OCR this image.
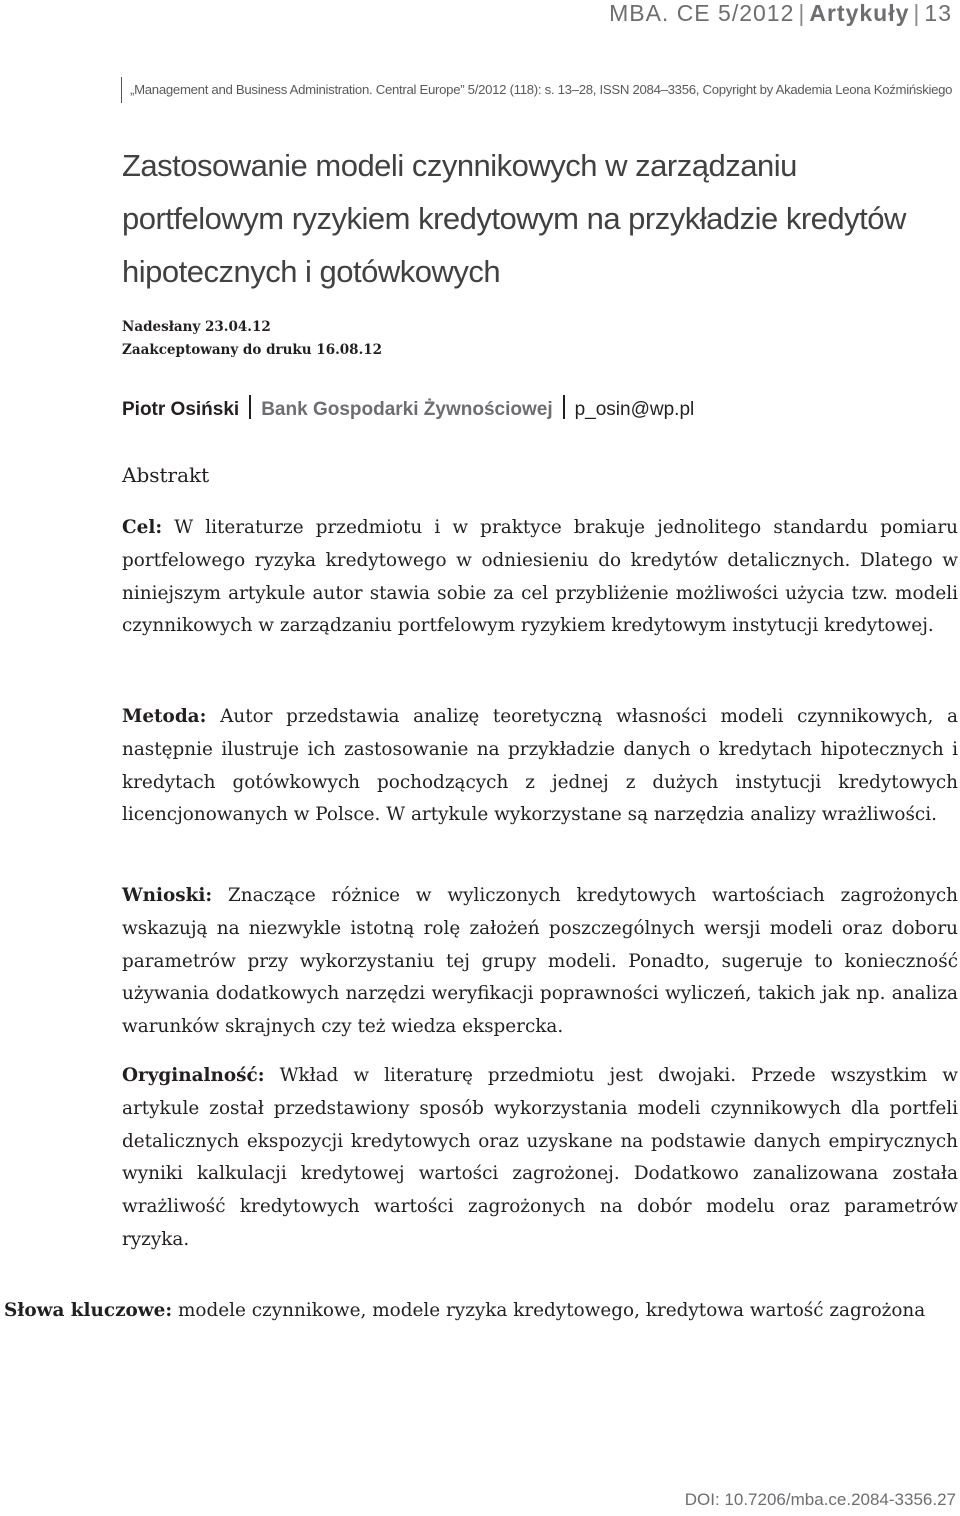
MBA. CE 5/2012 | Artykuły | 13
„Management and Business Administration. Central Europe” 5/2012 (118): s. 13–28, ISSN 2084–3356, Copyright by Akademia Leona Koźmińskiego
Zastosowanie modeli czynnikowych w zarządzaniu portfelowym ryzykiem kredytowym na przykładzie kredytów hipotecznych i gotówkowych
Nadesłany 23.04.12
Zaakceptowany do druku 16.08.12
Piotr Osiński Bank Gospodarki Żywnościowej p_osin@wp.pl
Abstrakt

Cel: W literaturze przedmiotu i w praktyce brakuje jednolitego standardu pomiaru portfelowego ryzyka kredytowego w odniesieniu do kredytów detalicznych. Dlatego w niniejszym artykule autor stawia sobie za cel przybliżenie możliwości użycia tzw. modeli czynnikowych w zarządzaniu portfelowym ryzykiem kredytowym instytucji kredytowej.

Metoda: Autor przedstawia analizę teoretyczną własności modeli czynnikowych, a następnie ilustruje ich zastosowanie na przykładzie danych o kredytach hipotecznych i kredytach gotówkowych pochodzących z jednej z dużych instytucji kredytowych licencjonowanych w Polsce. W artykule wykorzystane są narzędzia analizy wrażliwości.

Wnioski: Znaczące różnice w wyliczonych kredytowych wartościach zagrożonych wskazują na niezwykle istotną rolę założeń poszczególnych wersji modeli oraz doboru parametrów przy wykorzystaniu tej grupy modeli. Ponadto, sugeruje to konieczność używania dodatkowych narzędzi weryfikacji poprawności wyliczeń, takich jak np. analiza warunków skrajnych czy też wiedza ekspercka.

Oryginalność: Wkład w literaturę przedmiotu jest dwojaki. Przede wszystkim w artykule został przedstawiony sposób wykorzystania modeli czynnikowych dla portfeli detalicznych ekspozycji kredytowych oraz uzyskane na podstawie danych empirycznych wyniki kalkulacji kredytowej wartości zagrożonej. Dodatkowo zanalizowana została wrażliwość kredytowych wartości zagrożonych na dobór modelu oraz parametrów ryzyka.

Słowa kluczowe: modele czynnikowe, modele ryzyka kredytowego, kredytowa wartość zagrożona

DOI: 10.7206/mba.ce.2084-3356.27
